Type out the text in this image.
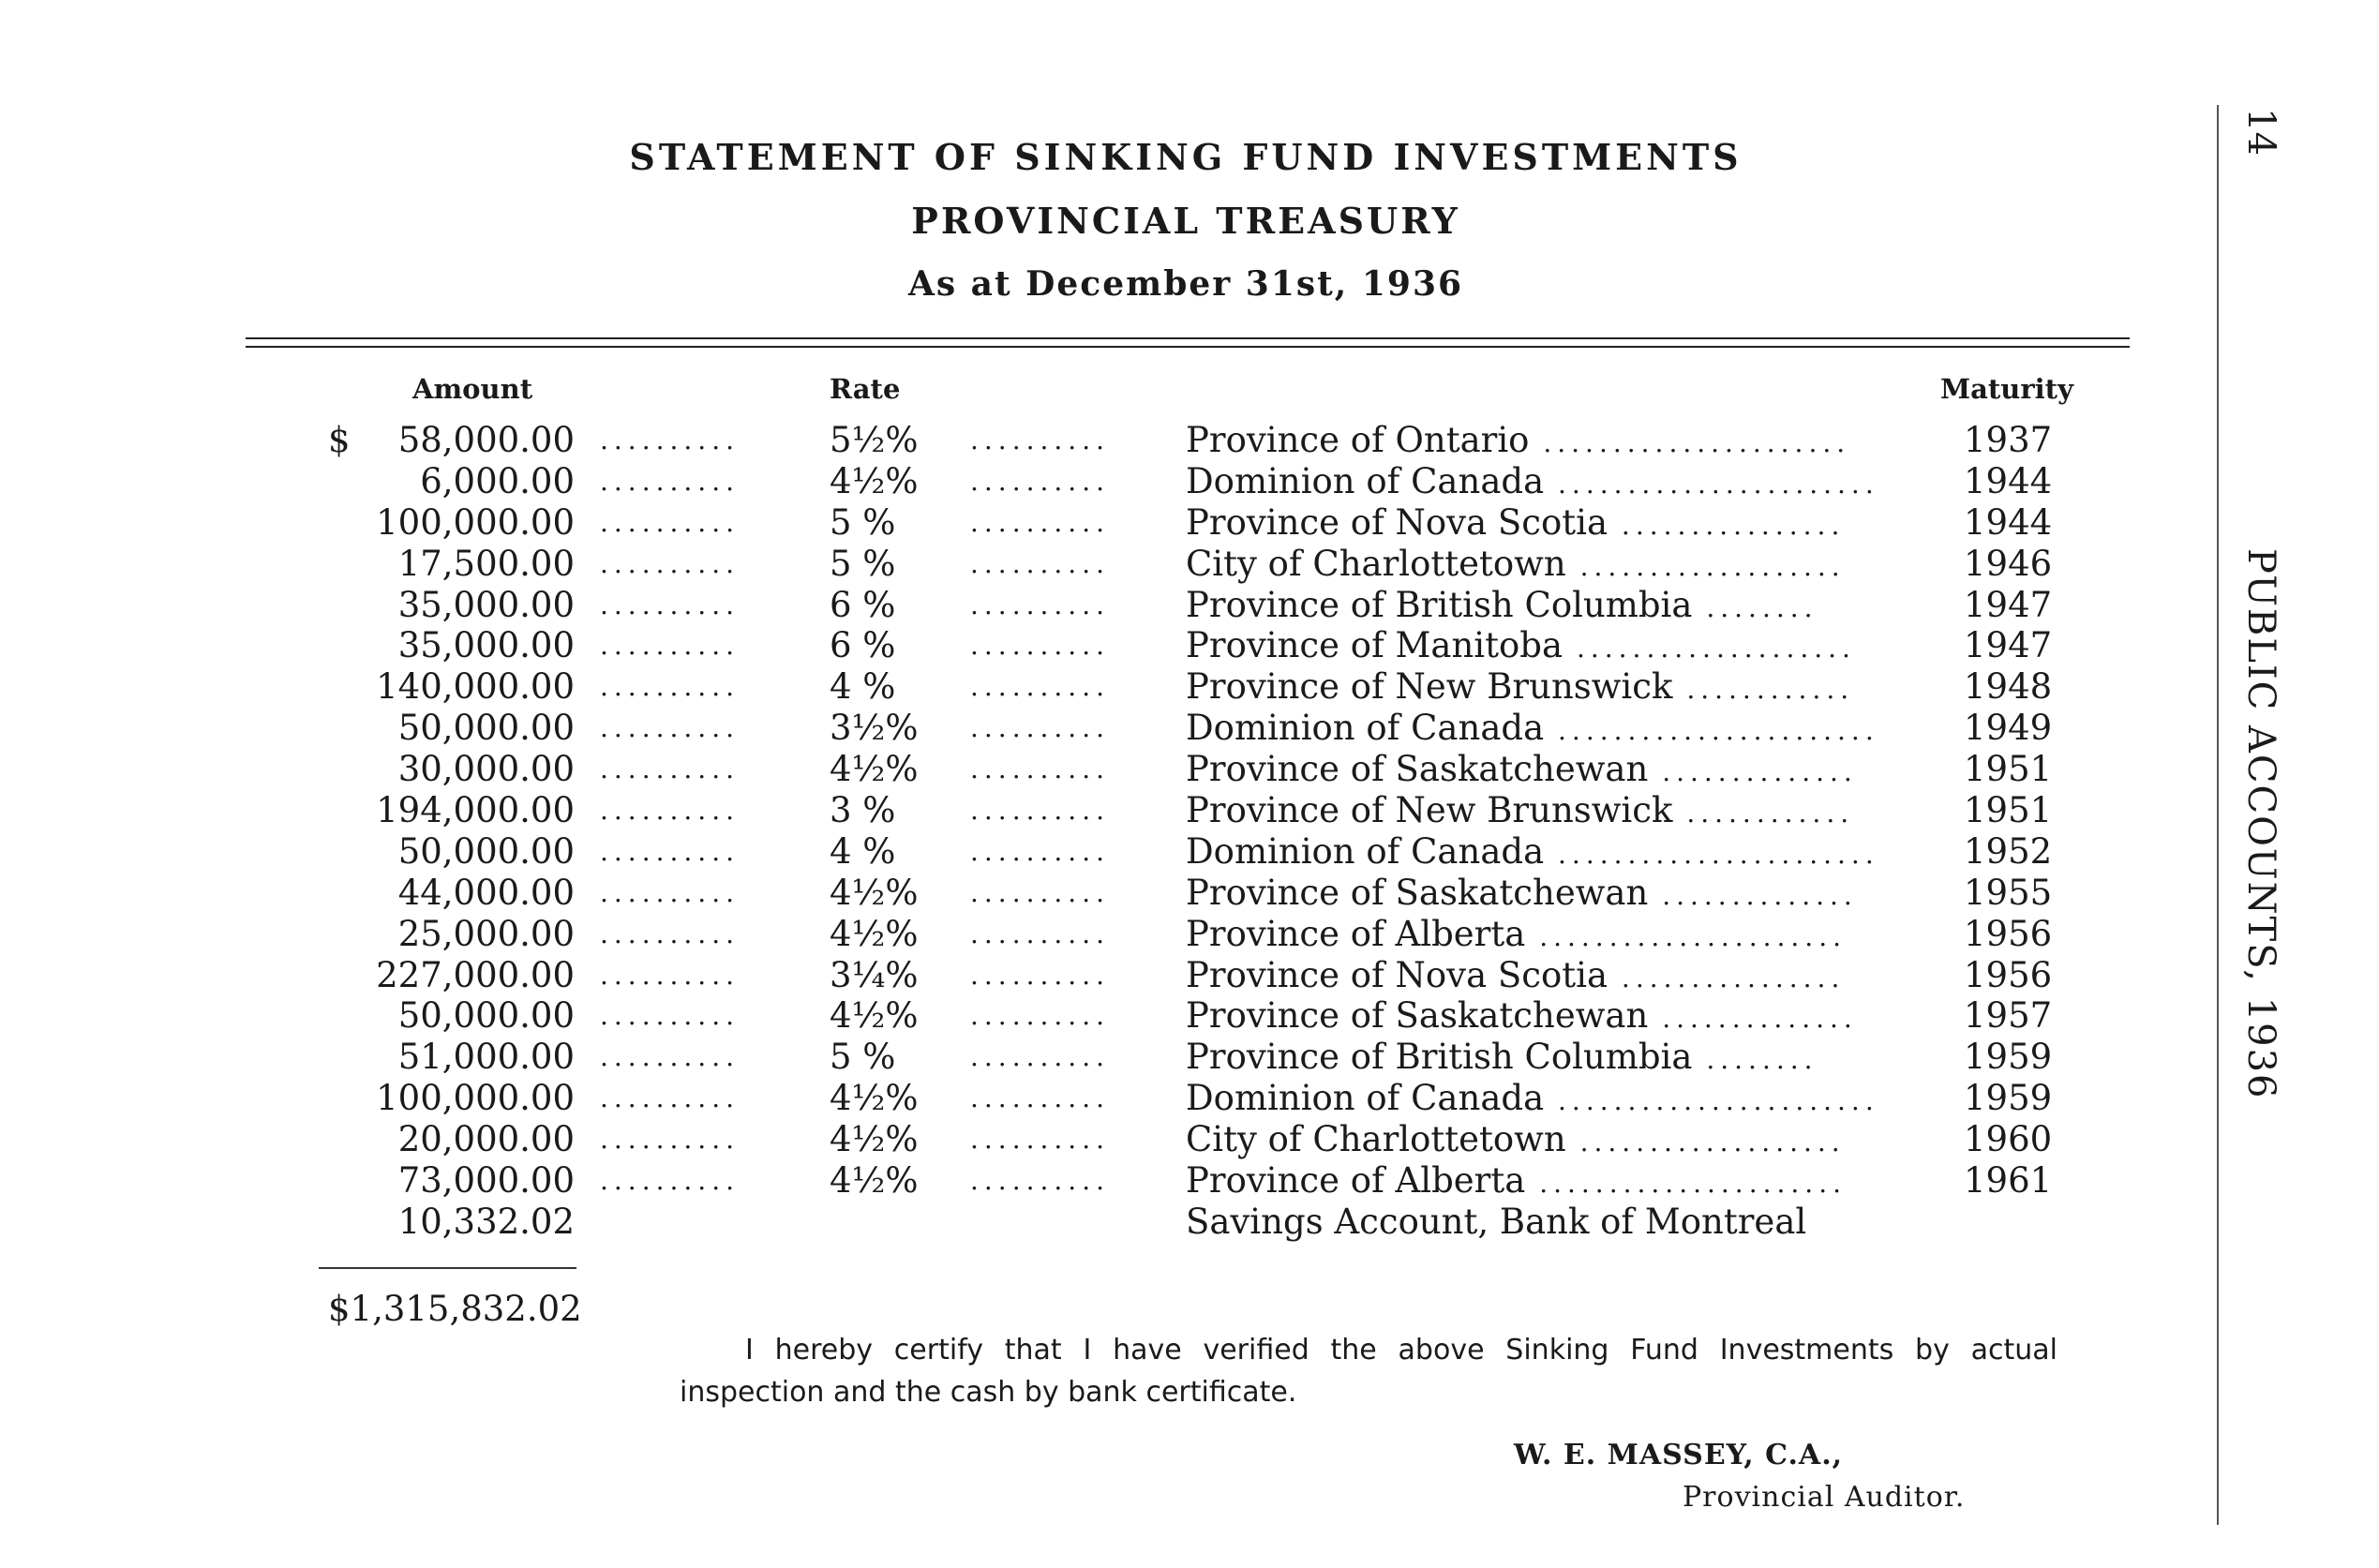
STATEMENT OF SINKING FUND INVESTMENTS
PROVINCIAL TREASURY
As at December 31st, 1936
Amount	Rate	Maturity
$	58,000.00 ..........	5½% .......... Province of Ontario ......................	1937
6,000.00 ..........	4½% .......... Dominion of Canada ....................... 1944
100,000.00 ..........	5 %	.......... Province of Nova Scotia ................	1944
17,500.00 ..........	5 %	.......... City of Charlottetown ...................	1946
35,000.00 ..........	6 %	.......... Province of British Columbia ........	1947
35,000.00 ..........	6 %	.......... Province of Manitoba ....................	1947
140,000.00 ..........	4 %	.......... Province of New Brunswick ............	1948
50,000.00 ..........	3½% .......... Dominion of Canada ....................... 1949
30,000.00 ..........	4½% .......... Province of Saskatchewan ..............	1951
194,000.00 ..........	3 %	.......... Province of New Brunswick ............	1951
50,000.00 ..........	4 %	.......... Dominion of Canada ....................... 1952
44,000.00 ..........	4½% .......... Province of Saskatchewan ..............	1955
25,000.00 ..........	4½% .......... Province of Alberta ......................	1956
227,000.00 ..........	3¼% .......... Province of Nova Scotia ................	1956
50,000.00 ..........	4½% .......... Province of Saskatchewan ..............	1957
51,000.00 ..........	5 %	.......... Province of British Columbia ........	1959
100,000.00 ..........	4½% .......... Dominion of Canada ....................... 1959
20,000.00 ..........	4½% .......... City of Charlottetown ...................	1960
73,000.00 ..........	4½% .......... Province of Alberta ......................	1961
10,332.02	Savings Account, Bank of Montreal
$1,315,832.02
I hereby certify that I have verified the above Sinking Fund Investments by actual
inspection and the cash by bank certificate.
W. E. MASSEY, C.A.,
Provincial Auditor.
14
PUBLIC ACCOUNTS, 1936
